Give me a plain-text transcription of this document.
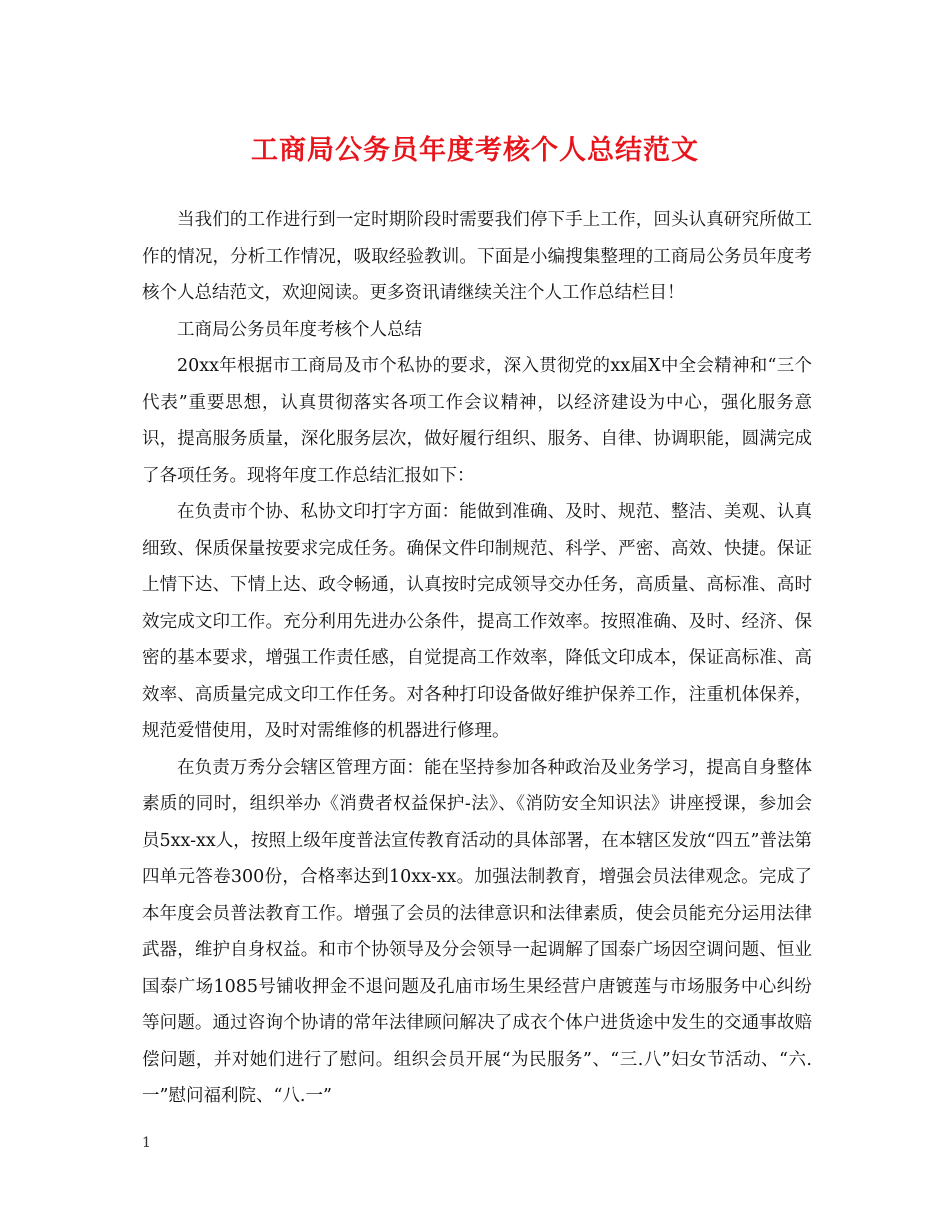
工商局公务员年度考核个人总结范文

当我们的工作进行到一定时期阶段时需要我们停下手上工作，回头认真研究所做工作的情况，分析工作情况，吸取经验教训。下面是小编搜集整理的工商局公务员年度考核个人总结范文，欢迎阅读。更多资讯请继续关注个人工作总结栏目！

工商局公务员年度考核个人总结

20xx年根据市工商局及市个私协的要求，深入贯彻党的xx届X中全会精神和“三个代表”重要思想，认真贯彻落实各项工作会议精神，以经济建设为中心，强化服务意识，提高服务质量，深化服务层次，做好履行组织、服务、自律、协调职能，圆满完成了各项任务。现将年度工作总结汇报如下：

在负责市个协、私协文印打字方面：能做到准确、及时、规范、整洁、美观、认真细致、保质保量按要求完成任务。确保文件印制规范、科学、严密、高效、快捷。保证上情下达、下情上达、政令畅通，认真按时完成领导交办任务，高质量、高标准、高时效完成文印工作。充分利用先进办公条件，提高工作效率。按照准确、及时、经济、保密的基本要求，增强工作责任感，自觉提高工作效率，降低文印成本，保证高标准、高效率、高质量完成文印工作任务。对各种打印设备做好维护保养工作，注重机体保养，规范爱惜使用，及时对需维修的机器进行修理。

在负责万秀分会辖区管理方面：能在坚持参加各种政治及业务学习，提高自身整体素质的同时，组织举办《消费者权益保护-法》、《消防安全知识法》讲座授课，参加会员5xx-xx人，按照上级年度普法宣传教育活动的具体部署，在本辖区发放“四五”普法第四单元答卷300份，合格率达到10xx-xx。加强法制教育，增强会员法律观念。完成了本年度会员普法教育工作。增强了会员的法律意识和法律素质，使会员能充分运用法律武器，维护自身权益。和市个协领导及分会领导一起调解了国泰广场因空调问题、恒业国泰广场1085号铺收押金不退问题及孔庙市场生果经营户唐镀莲与市场服务中心纠纷等问题。通过咨询个协请的常年法律顾问解决了成衣个体户进货途中发生的交通事故赔偿问题，并对她们进行了慰问。组织会员开展“为民服务”、“三.八”妇女节活动、“六.一”慰问福利院、“八.一”

1
